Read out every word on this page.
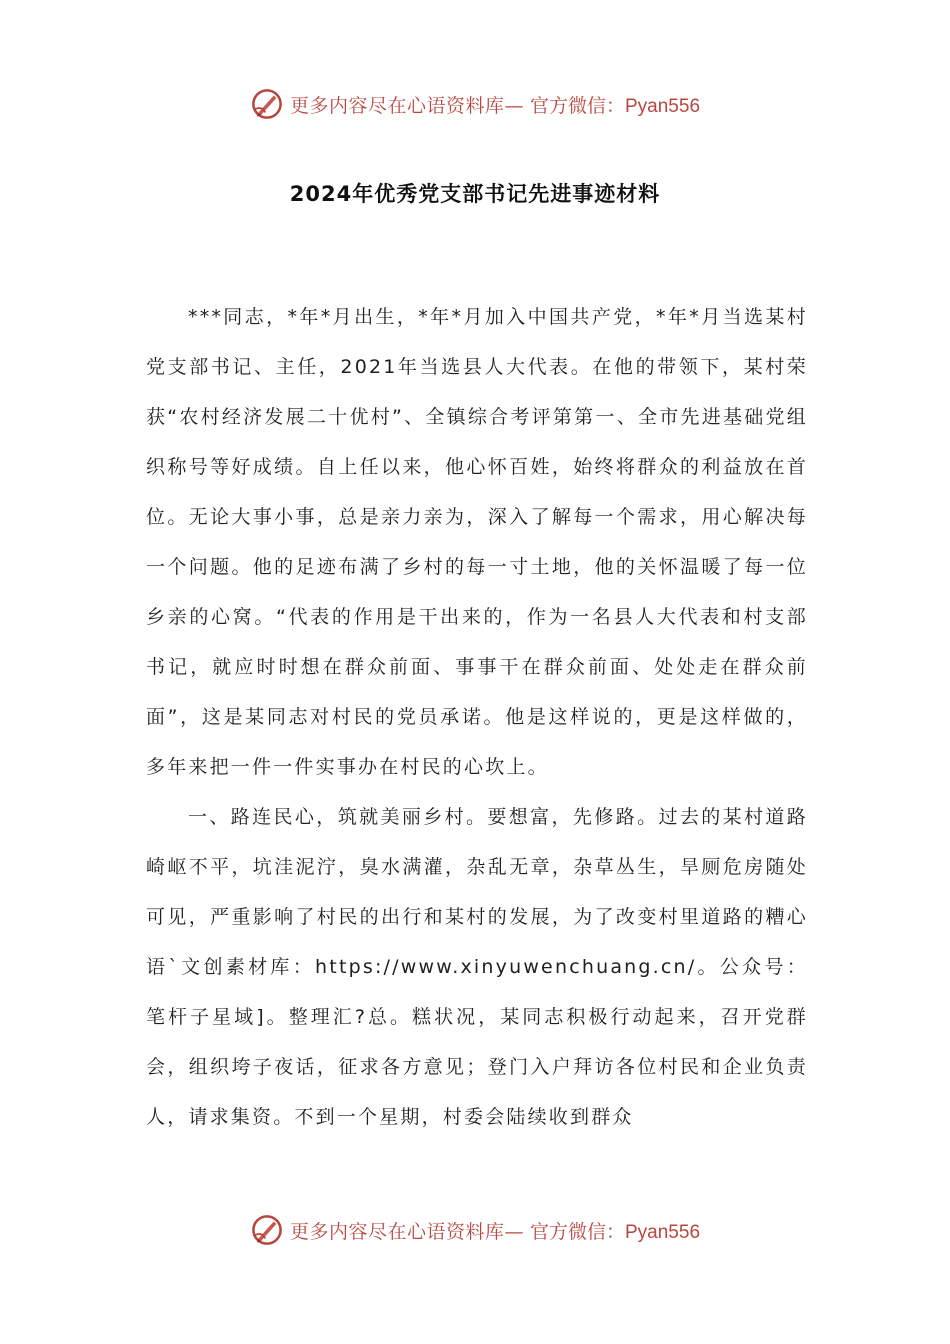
更多内容尽在心语资料库— 官方微信：Pyan556
2024年优秀党支部书记先进事迹材料

***同志，*年*月出生，*年*月加入中国共产党，*年*月当选某村党支部书记、主任，2021年当选县人大代表。在他的带领下，某村荣获“农村经济发展二十优村”、全镇综合考评第第一、全市先进基础党组织称号等好成绩。自上任以来，他心怀百姓，始终将群众的利益放在首位。无论大事小事，总是亲力亲为，深入了解每一个需求，用心解决每一个问题。他的足迹布满了乡村的每一寸土地，他的关怀温暖了每一位乡亲的心窝。“代表的作用是干出来的，作为一名县人大代表和村支部书记，就应时时想在群众前面、事事干在群众前面、处处走在群众前面”，这是某同志对村民的党员承诺。他是这样说的，更是这样做的，多年来把一件一件实事办在村民的心坎上。

一、路连民心，筑就美丽乡村。要想富，先修路。过去的某村道路崎岖不平，坑洼泥泞，臭水满灌，杂乱无章，杂草丛生，旱厕危房随处可见，严重影响了村民的出行和某村的发展，为了改变村里道路的糟心语`文创素材库：https://www.xinyuwenchuang.cn/。公众号：笔杆子星域]。整理汇?总。糕状况，某同志积极行动起来，召开党群会，组织垮子夜话，征求各方意见；登门入户拜访各位村民和企业负责人，请求集资。不到一个星期，村委会陆续收到群众

更多内容尽在心语资料库— 官方微信：Pyan556
